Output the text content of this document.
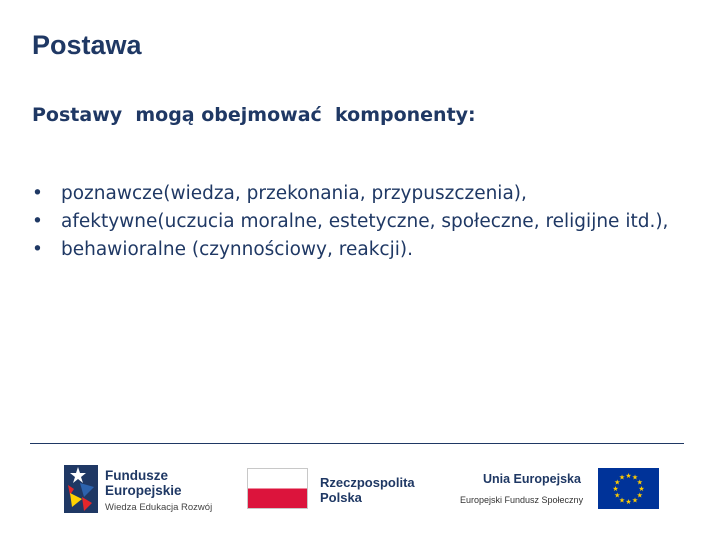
Postawa
Postawy  mogą obejmować  komponenty:
• poznawcze(wiedza, przekonania, przypuszczenia),
• afektywne(uczucia moralne, estetyczne, społeczne, religijne itd.),
• behawioralne (czynnościowy, reakcji).
Fundusze Europejskie
Wiedza Edukacja Rozwój
Rzeczpospolita Polska
Unia Europejska
Europejski Fundusz Społeczny
★ ★
★
★
★
★
★
★
★
★
★
★
